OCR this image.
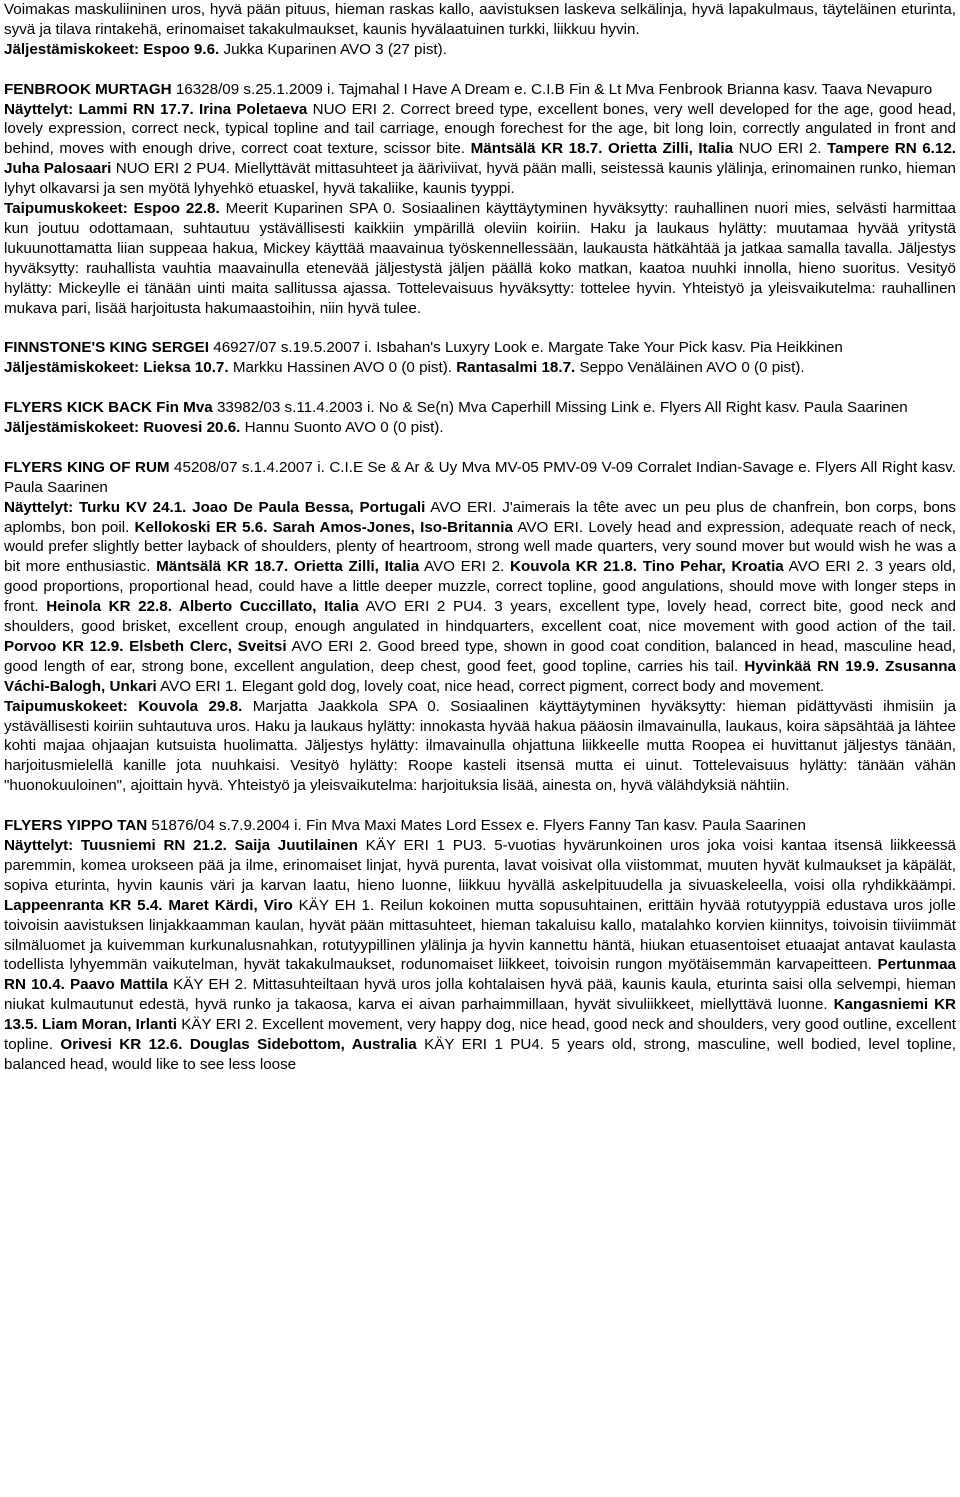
Voimakas maskuliininen uros, hyvä pään pituus, hieman raskas kallo, aavistuksen laskeva selkälinja, hyvä lapakulmaus, täyteläinen eturinta, syvä ja tilava rintakehä, erinomaiset takakulmaukset, kaunis hyvälaatuinen turkki, liikkuu hyvin.

Jäljestämiskokeet: Espoo 9.6. Jukka Kuparinen AVO 3 (27 pist).

FENBROOK MURTAGH 16328/09 s.25.1.2009 i. Tajmahal I Have A Dream e. C.I.B Fin & Lt Mva Fenbrook Brianna kasv. Taava Nevapuro

Näyttelyt: Lammi RN 17.7. Irina Poletaeva NUO ERI 2. Correct breed type, excellent bones, very well developed for the age, good head, lovely expression, correct neck, typical topline and tail carriage, enough forechest for the age, bit long loin, correctly angulated in front and behind, moves with enough drive, correct coat texture, scissor bite. Mäntsälä KR 18.7. Orietta Zilli, Italia NUO ERI 2. Tampere RN 6.12. Juha Palosaari NUO ERI 2 PU4. Miellyttävät mittasuhteet ja ääriviivat, hyvä pään malli, seistessä kaunis ylälinja, erinomainen runko, hieman lyhyt olkavarsi ja sen myötä lyhyehkö etuaskel, hyvä takaliike, kaunis tyyppi.

Taipumuskokeet: Espoo 22.8. Meerit Kuparinen SPA 0. Sosiaalinen käyttäytyminen hyväksytty: rauhallinen nuori mies, selvästi harmittaa kun joutuu odottamaan, suhtautuu ystävällisesti kaikkiin ympärillä oleviin koiriin. Haku ja laukaus hylätty: muutamaa hyvää yritystä lukuunottamatta liian suppeaa hakua, Mickey käyttää maavainua työskennellessään, laukausta hätkähtää ja jatkaa samalla tavalla. Jäljestys hyväksytty: rauhallista vauhtia maavainulla etenevää jäljestystä jäljen päällä koko matkan, kaatoa nuuhki innolla, hieno suoritus. Vesityö hylätty: Mickeylle ei tänään uinti maita sallitussa ajassa. Tottelevaisuus hyväksytty: tottelee hyvin. Yhteistyö ja yleisvaikutelma: rauhallinen mukava pari, lisää harjoitusta hakumaastoihin, niin hyvä tulee.

FINNSTONE'S KING SERGEI 46927/07 s.19.5.2007 i. Isbahan's Luxyry Look e. Margate Take Your Pick kasv. Pia Heikkinen

Jäljestämiskokeet: Lieksa 10.7. Markku Hassinen AVO 0 (0 pist). Rantasalmi 18.7. Seppo Venäläinen AVO 0 (0 pist).

FLYERS KICK BACK Fin Mva 33982/03 s.11.4.2003 i. No & Se(n) Mva Caperhill Missing Link e. Flyers All Right kasv. Paula Saarinen

Jäljestämiskokeet: Ruovesi 20.6. Hannu Suonto AVO 0 (0 pist).

FLYERS KING OF RUM 45208/07 s.1.4.2007 i. C.I.E Se & Ar & Uy Mva MV-05 PMV-09 V-09 Corralet Indian-Savage e. Flyers All Right kasv. Paula Saarinen

Näyttelyt: Turku KV 24.1. Joao De Paula Bessa, Portugali AVO ERI. J'aimerais la tête avec un peu plus de chanfrein, bon corps, bons aplombs, bon poil. Kellokoski ER 5.6. Sarah Amos-Jones, Iso-Britannia AVO ERI. Lovely head and expression, adequate reach of neck, would prefer slightly better layback of shoulders, plenty of heartroom, strong well made quarters, very sound mover but would wish he was a bit more enthusiastic. Mäntsälä KR 18.7. Orietta Zilli, Italia AVO ERI 2. Kouvola KR 21.8. Tino Pehar, Kroatia AVO ERI 2. 3 years old, good proportions, proportional head, could have a little deeper muzzle, correct topline, good angulations, should move with longer steps in front. Heinola KR 22.8. Alberto Cuccillato, Italia AVO ERI 2 PU4. 3 years, excellent type, lovely head, correct bite, good neck and shoulders, good brisket, excellent croup, enough angulated in hindquarters, excellent coat, nice movement with good action of the tail. Porvoo KR 12.9. Elsbeth Clerc, Sveitsi AVO ERI 2. Good breed type, shown in good coat condition, balanced in head, masculine head, good length of ear, strong bone, excellent angulation, deep chest, good feet, good topline, carries his tail. Hyvinkää RN 19.9. Zsusanna Váchi-Balogh, Unkari AVO ERI 1. Elegant gold dog, lovely coat, nice head, correct pigment, correct body and movement.

Taipumuskokeet: Kouvola 29.8. Marjatta Jaakkola SPA 0. Sosiaalinen käyttäytyminen hyväksytty: hieman pidättyvästi ihmisiin ja ystävällisesti koiriin suhtautuva uros. Haku ja laukaus hylätty: innokasta hyvää hakua pääosin ilmavainulla, laukaus, koira säpsähtää ja lähtee kohti majaa ohjaajan kutsuista huolimatta. Jäljestys hylätty: ilmavainulla ohjattuna liikkeelle mutta Roopea ei huvittanut jäljestys tänään, harjoitusmielellä kanille jota nuuhkaisi. Vesityö hylätty: Roope kasteli itsensä mutta ei uinut. Tottelevaisuus hylätty: tänään vähän "huonokuuloinen", ajoittain hyvä. Yhteistyö ja yleisvaikutelma: harjoituksia lisää, ainesta on, hyvä välähdyksiä nähtiin.

FLYERS YIPPO TAN 51876/04 s.7.9.2004 i. Fin Mva Maxi Mates Lord Essex e. Flyers Fanny Tan kasv. Paula Saarinen

Näyttelyt: Tuusniemi RN 21.2. Saija Juutilainen KÄY ERI 1 PU3. 5-vuotias hyvärunkoinen uros joka voisi kantaa itsensä liikkeessä paremmin, komea urokseen pää ja ilme, erinomaiset linjat, hyvä purenta, lavat voisivat olla viistommat, muuten hyvät kulmaukset ja käpälät, sopiva eturinta, hyvin kaunis väri ja karvan laatu, hieno luonne, liikkuu hyvällä askelpituudella ja sivuaskeleella, voisi olla ryhdikkäämpi. Lappeenranta KR 5.4. Maret Kärdi, Viro KÄY EH 1. Reilun kokoinen mutta sopusuhtainen, erittäin hyvää rotutyyppiä edustava uros jolle toivoisin aavistuksen linjakkaamman kaulan, hyvät pään mittasuhteet, hieman takaluisu kallo, matalahko korvien kiinnitys, toivoisin tiiviimmät silmäluomet ja kuivemman kurkunalusnahkan, rotutyypillinen ylälinja ja hyvin kannettu häntä, hiukan etuasentoiset etuaajat antavat kaulasta todellista lyhyemmän vaikutelman, hyvät takakulmaukset, rodunomaiset liikkeet, toivoisin rungon myötäisemmän karvapeitteen. Pertunmaa RN 10.4. Paavo Mattila KÄY EH 2. Mittasuhteiltaan hyvä uros jolla kohtalaisen hyvä pää, kaunis kaula, eturinta saisi olla selvempi, hieman niukat kulmautunut edestä, hyvä runko ja takaosa, karva ei aivan parhaimmillaan, hyvät sivuliikkeet, miellyttävä luonne. Kangasniemi KR 13.5. Liam Moran, Irlanti KÄY ERI 2. Excellent movement, very happy dog, nice head, good neck and shoulders, very good outline, excellent topline. Orivesi KR 12.6. Douglas Sidebottom, Australia KÄY ERI 1 PU4. 5 years old, strong, masculine, well bodied, level topline, balanced head, would like to see less loose
